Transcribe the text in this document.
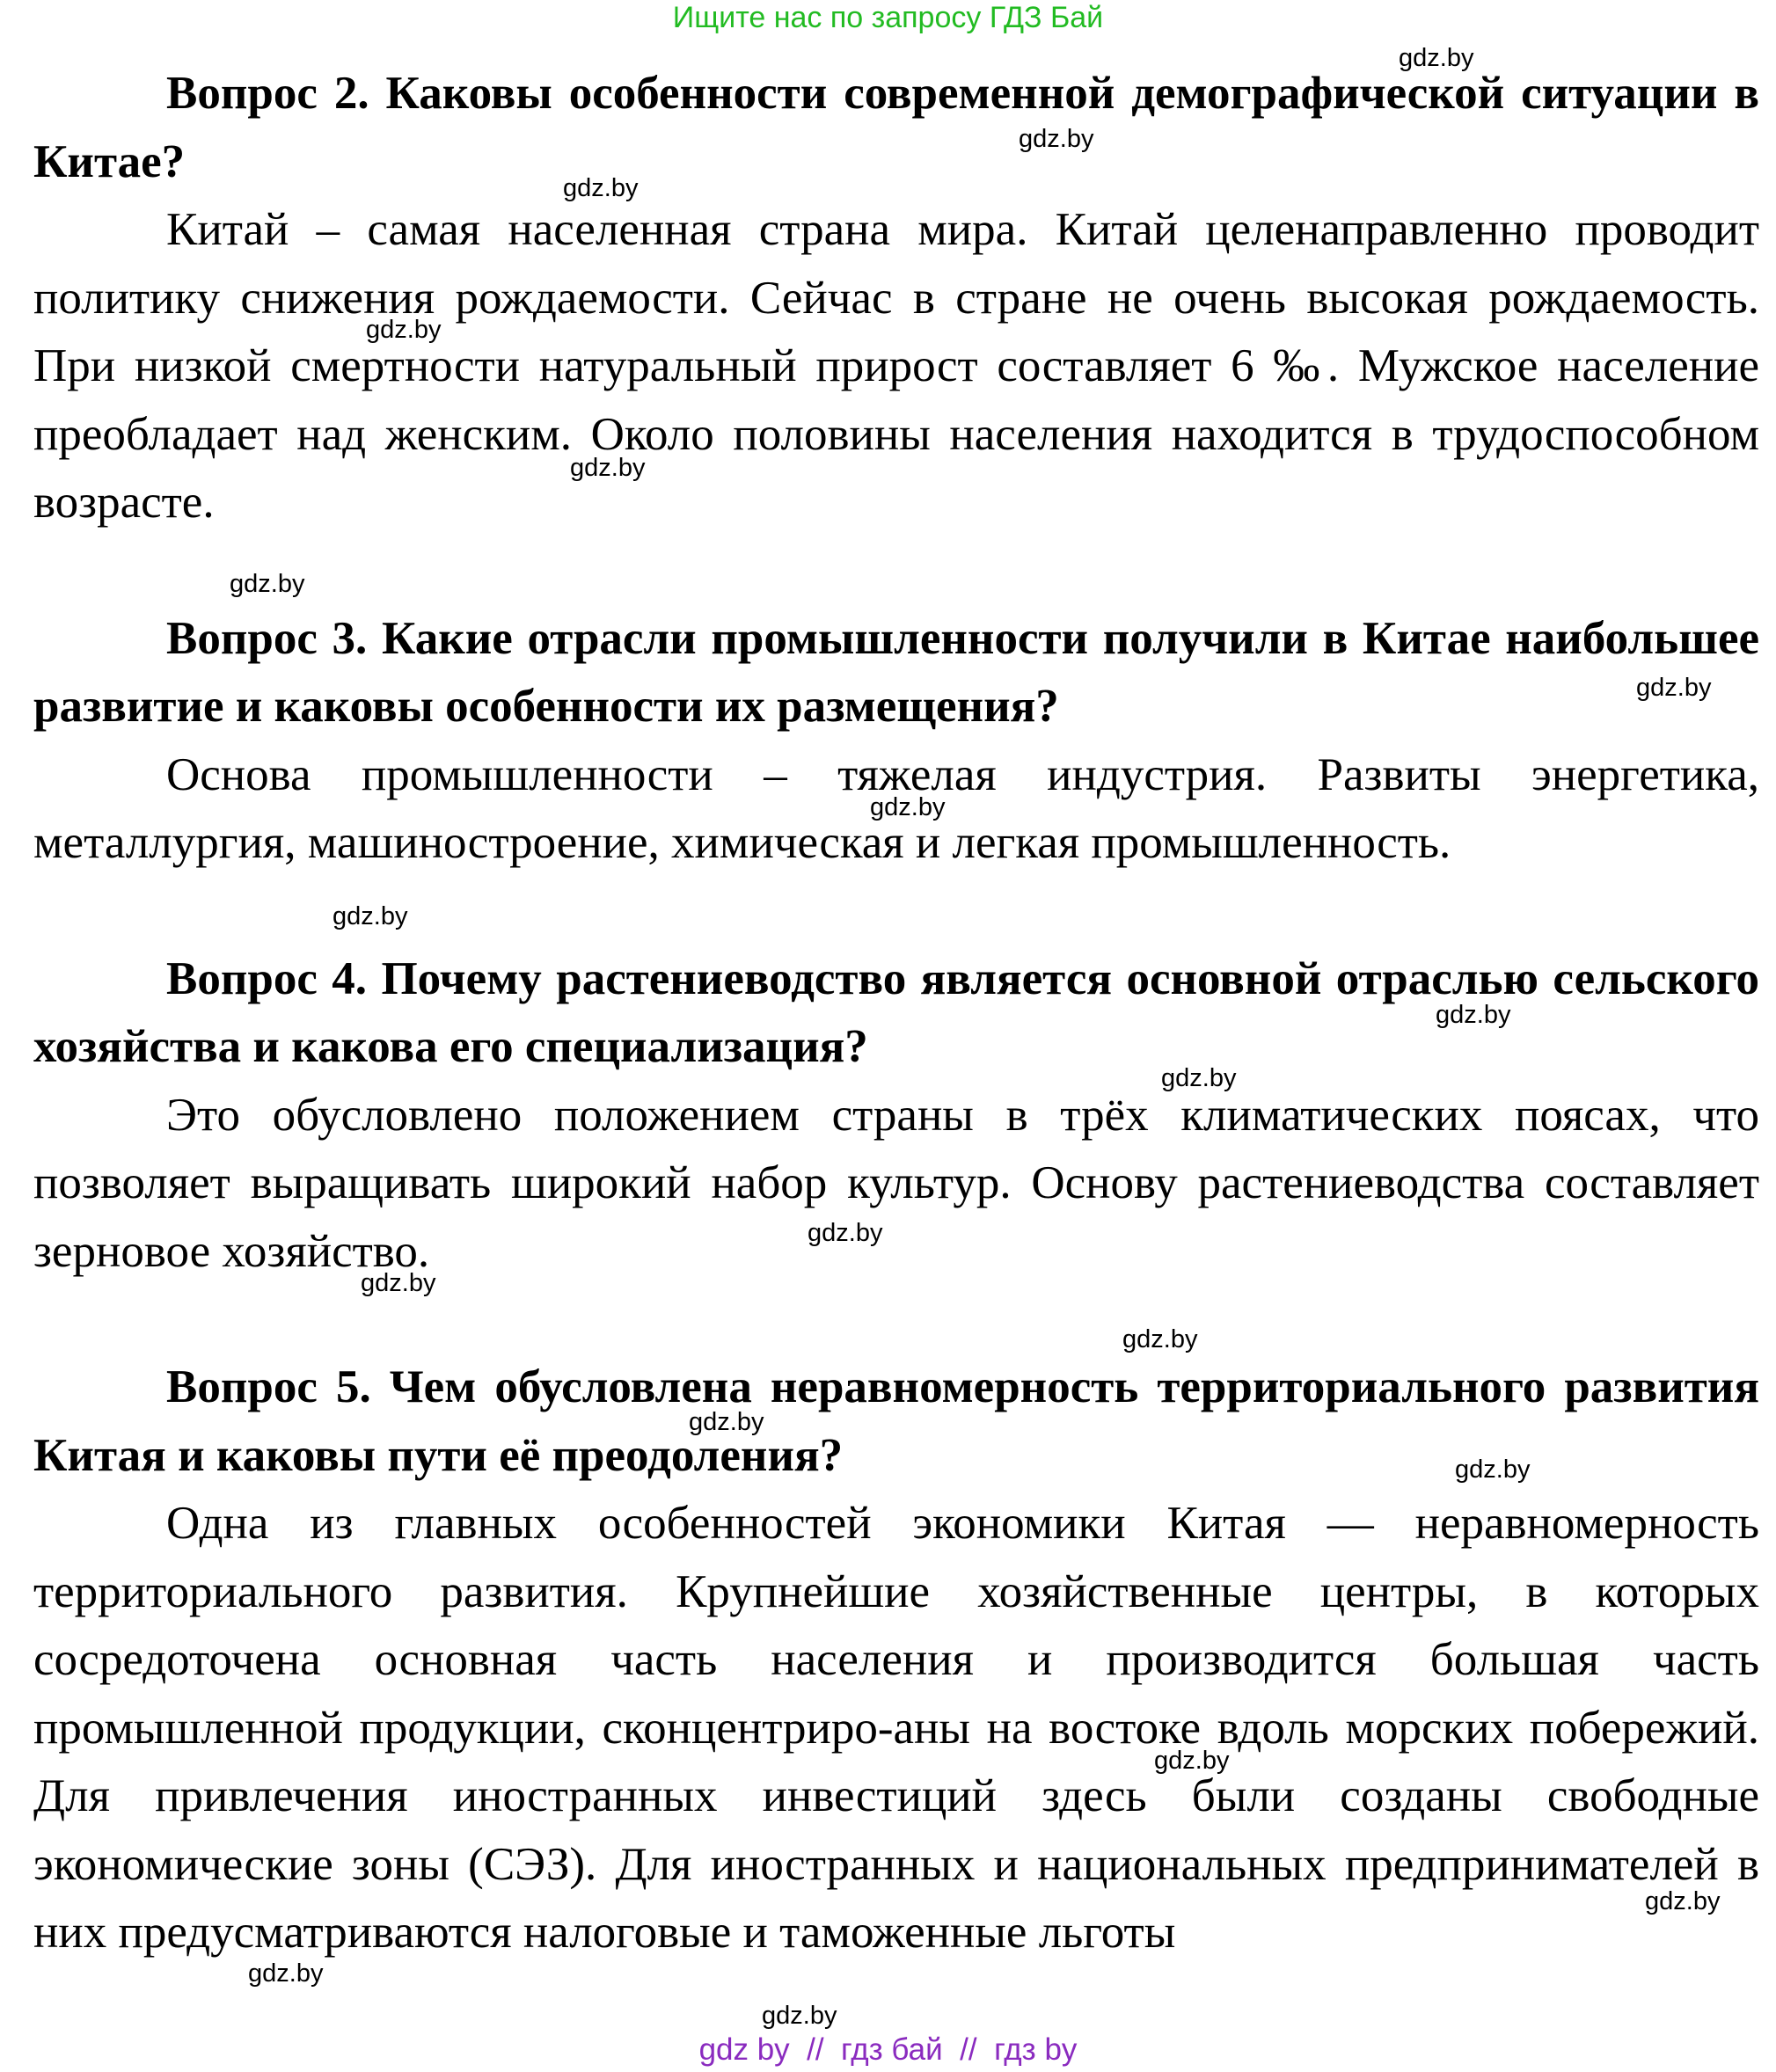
Ищите нас по запросу ГДЗ Бай

Вопрос 2. Каковы особенности современной демографической ситуации в Китае?

Китай – самая населенная страна мира. Китай целенаправленно проводит политику снижения рождаемости. Сейчас в стране не очень высокая рождаемость. При низкой смертности натуральный прирост составляет 6 ‰. Мужское население преобладает над женским. Около половины населения находится в трудоспособном возрасте.

Вопрос 3. Какие отрасли промышленности получили в Китае наибольшее развитие и каковы особенности их размещения?

Основа промышленности – тяжелая индустрия. Развиты энергетика, металлургия, машиностроение, химическая и легкая промышленность.

Вопрос 4. Почему растениеводство является основной отраслью сельского хозяйства и какова его специализация?

Это обусловлено положением страны в трёх климатических поясах, что позволяет выращивать широкий набор культур. Основу растениеводства составляет зерновое хозяйство.

Вопрос 5. Чем обусловлена неравномерность территориального развития Китая и каковы пути её преодоления?

Одна из главных особенностей экономики Китая — неравномерность территориального развития. Крупнейшие хозяйственные центры, в которых сосредоточена основная часть населения и производится большая часть промышленной продукции, сконцентриро-аны на востоке вдоль морских побережий. Для привлечения иностранных инвестиций здесь были созданы свободные экономические зоны (СЭЗ). Для иностранных и национальных предпринимателей в них предусматриваются налоговые и таможенные льготы

gdz.by
gdz.by
gdz.by
gdz.by
gdz.by
gdz.by
gdz.by
gdz.by
gdz.by
gdz.by
gdz.by
gdz.by
gdz.by
gdz.by
gdz.by
gdz.by
gdz.by
gdz.by
gdz.by
gdz.by
gdz by  //  гдз бай  //  гдз by
